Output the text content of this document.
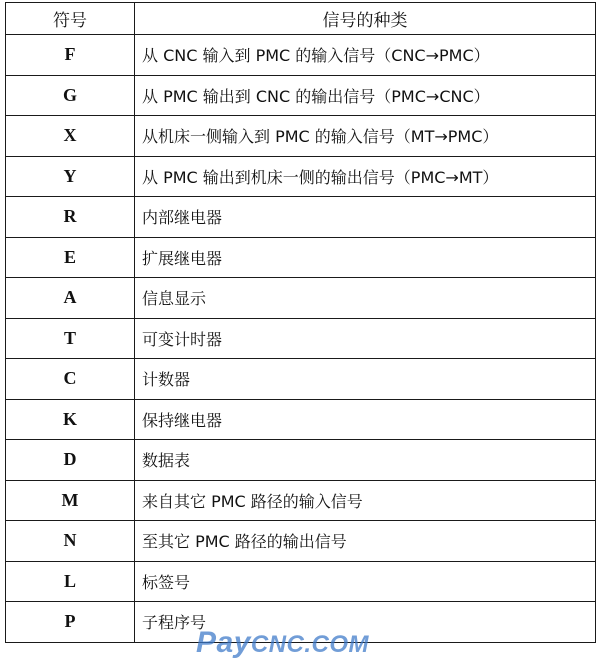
符号	信号的种类
F	从 CNC 输入到 PMC 的输入信号（CNC→PMC）
G	从 PMC 输出到 CNC 的输出信号（PMC→CNC）
X	从机床一侧输入到 PMC 的输入信号（MT→PMC）
Y	从 PMC 输出到机床一侧的输出信号（PMC→MT）
R	内部继电器
E	扩展继电器
A	信息显示
T	可变计时器
C	计数器
K	保持继电器
D	数据表
M	来自其它 PMC 路径的输入信号
N	至其它 PMC 路径的输出信号
L	标签号
P	子程序号
PayCNC.COM
